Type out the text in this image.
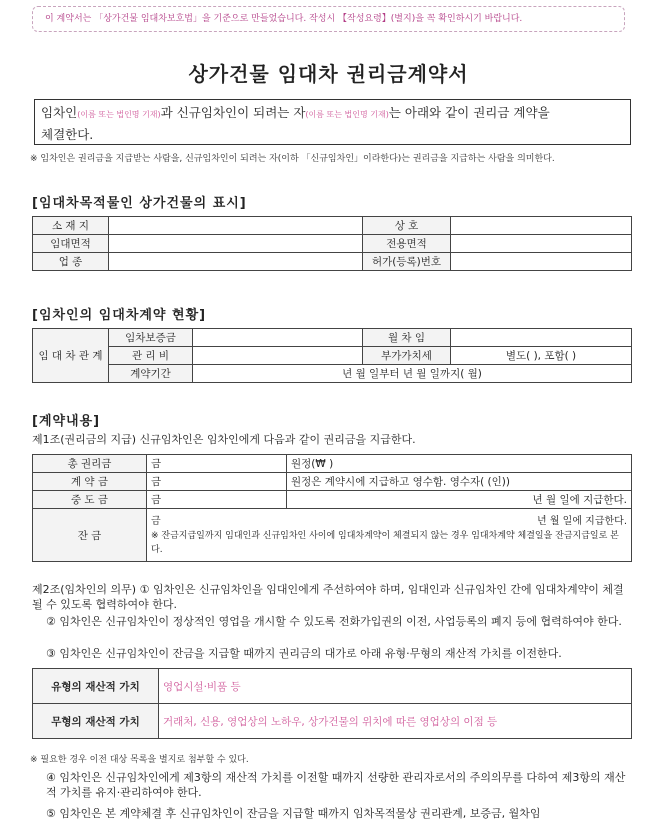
이 계약서는 「상가건물 임대차보호법」을 기준으로 만들었습니다. 작성시 【작성요령】(별지)을 꼭 확인하시기 바랍니다.
상가건물 임대차 권리금계약서
임차인(이름 또는 법인명 기재)과 신규임차인이 되려는 자(이름 또는 법인명 기재)는 아래와 같이 권리금 계약을
체결한다.
※ 임차인은 권리금을 지급받는 사람을, 신규임차인이 되려는 자(이하 「신규임차인」이라한다)는 권리금을 지급하는 사람을 의미한다.
[임대차목적물인 상가건물의 표시]
소 재 지		상 호	
임대면적		전용면적	
업 종		허가(등록)번호	
[임차인의 임대차계약 현황]
임 대 차 관 계	임차보증금		월 차 임	
	관 리 비		부가가치세	별도( ), 포함( )
	계약기간	년 월 일부터 년 월 일까지( 월)		
[계약내용]
제1조(권리금의 지급) 신규임차인은 임차인에게 다음과 같이 권리금을 지급한다.
총 권리금	금	원정(₩ )
계 약 금	금	원정은 계약시에 지급하고 영수함. 영수자( (인))
중 도 금	금	년 월 일에 지급한다.
잔 금	금 년 월 일에 지급한다.
※ 잔금지급일까지 임대인과 신규임차인 사이에 임대차계약이 체결되지 않는 경우 임대차계약 체결일을 잔금지급일로 본다.	
제2조(임차인의 의무) ① 임차인은 신규임차인을 임대인에게 주선하여야 하며, 임대인과 신규임차인 간에 임대차계약이 체결될 수 있도록 협력하여야 한다.
② 임차인은 신규임차인이 정상적인 영업을 개시할 수 있도록 전화가입권의 이전, 사업등록의 폐지 등에 협력하여야 한다.
③ 임차인은 신규임차인이 잔금을 지급할 때까지 권리금의 대가로 아래 유형·무형의 재산적 가치를 이전한다.
유형의 재산적 가치	영업시설·비품 등
무형의 재산적 가치	거래처, 신용, 영업상의 노하우, 상가건물의 위치에 따른 영업상의 이점 등
※ 필요한 경우 이전 대상 목록을 별지로 첨부할 수 있다.
④ 임차인은 신규임차인에게 제3항의 재산적 가치를 이전할 때까지 선량한 관리자로서의 주의의무를 다하여 제3항의 재산적 가치를 유지·관리하여야 한다.
⑤ 임차인은 본 계약체결 후 신규임차인이 잔금을 지급할 때까지 임차목적물상 권리관계, 보증금, 월차임
